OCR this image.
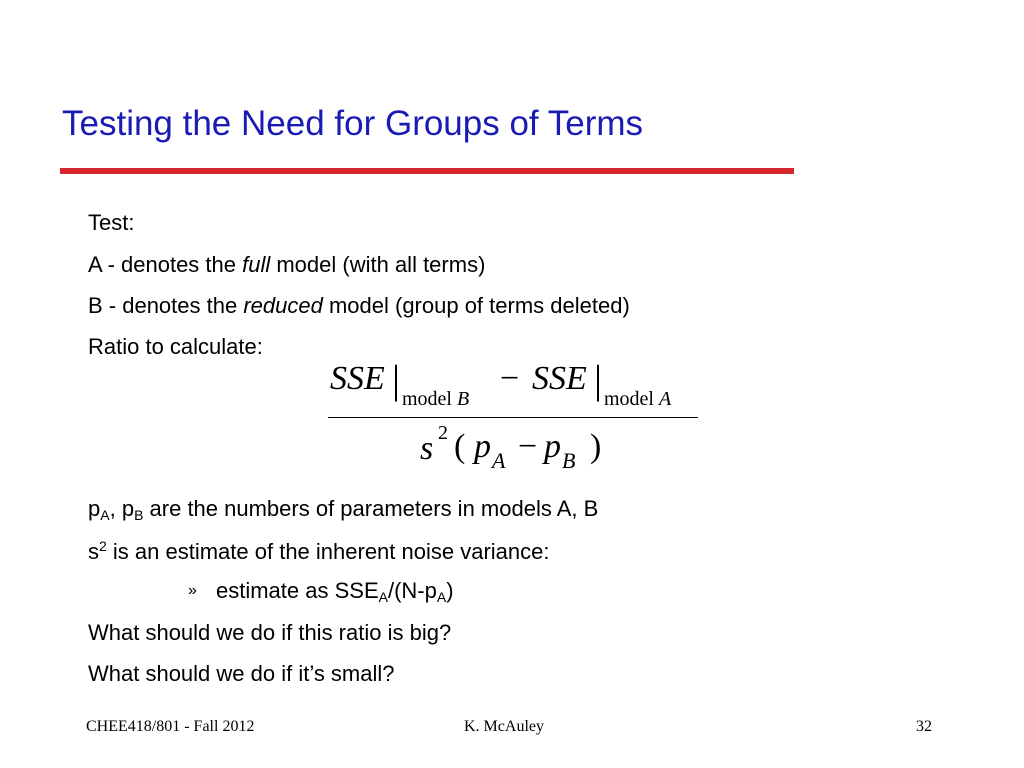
Testing the Need for Groups of Terms
Test:
A - denotes the full model (with all terms)
B - denotes the reduced model (group of terms deleted)
Ratio to calculate:
SSE | model B
− SSE | model A
s 2 ( p A − p B )
$p_A$, $p_B$ are the numbers of parameters in models A, B
$s^2$ is an estimate of the inherent noise variance:
» estimate as $SSE_A/(N-p_A)$
What should we do if this ratio is big?
What should we do if it’s small?
CHEE418/801 - Fall 2012	K. McAuley	32
